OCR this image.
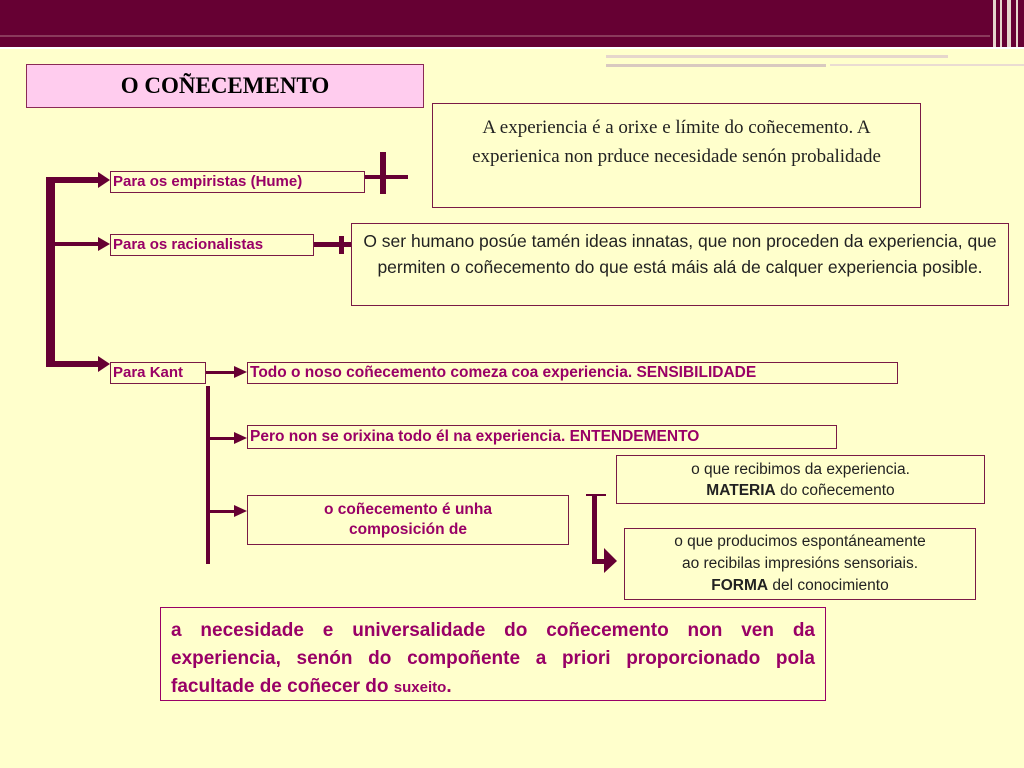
O COÑECEMENTO
A experiencia é a orixe e límite do coñecemento. A experienica non prduce necesidade senón probalidade
O ser humano posúe tamén ideas innatas, que non proceden da experiencia, que permiten o coñecemento do que está máis alá de calquer experiencia posible.
Para os empiristas (Hume)
Para os racionalistas
Para Kant	Todo o noso coñecemento comeza coa experiencia. SENSIBILIDADE
Pero non se orixina todo él na experiencia. ENTENDEMENTO
o coñecemento é unha composición de
o que recibimos da experiencia.
MATERIA do coñecemento
o que producimos espontáneamente
ao recibilas impresións sensoriais.
FORMA del conocimiento
a necesidade e universalidade do coñecemento non ven da experiencia, senón do compoñente a priori proporcionado pola facultade de coñecer do suxeito.
